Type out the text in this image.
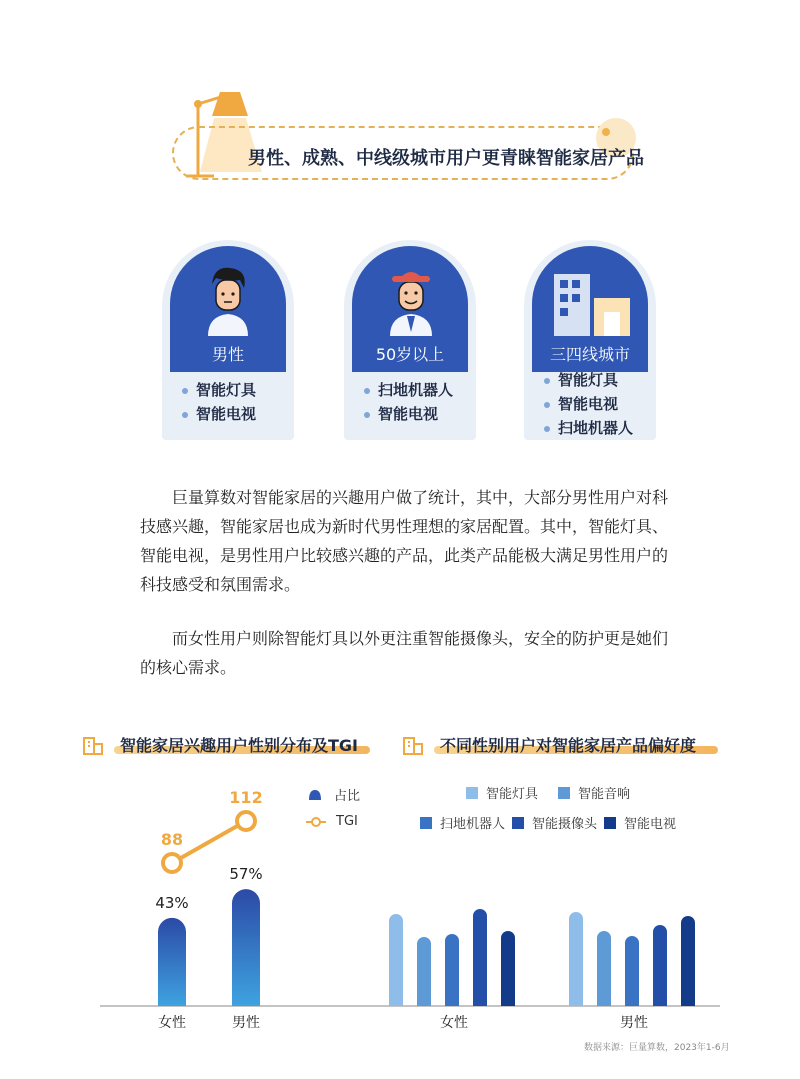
男性、成熟、中线级城市用户更青睐智能家居产品
男性
智能灯具
智能电视
50岁以上
扫地机器人
智能电视
三四线城市
智能灯具
智能电视
扫地机器人
巨量算数对智能家居的兴趣用户做了统计，其中，大部分男性用户对科技感兴趣，智能家居也成为新时代男性理想的家居配置。其中，智能灯具、智能电视，是男性用户比较感兴趣的产品，此类产品能极大满足男性用户的科技感受和氛围需求。
而女性用户则除智能灯具以外更注重智能摄像头，安全的防护更是她们的核心需求。
智能家居兴趣用户性别分布及TGI	不同性别用户对智能家居产品偏好度
占比
TGI
智能灯具	智能音响
扫地机器人 智能摄像头 智能电视
43%
57%
88
112
女性	男性	女性	男性
数据来源：巨量算数，2023年1-6月
